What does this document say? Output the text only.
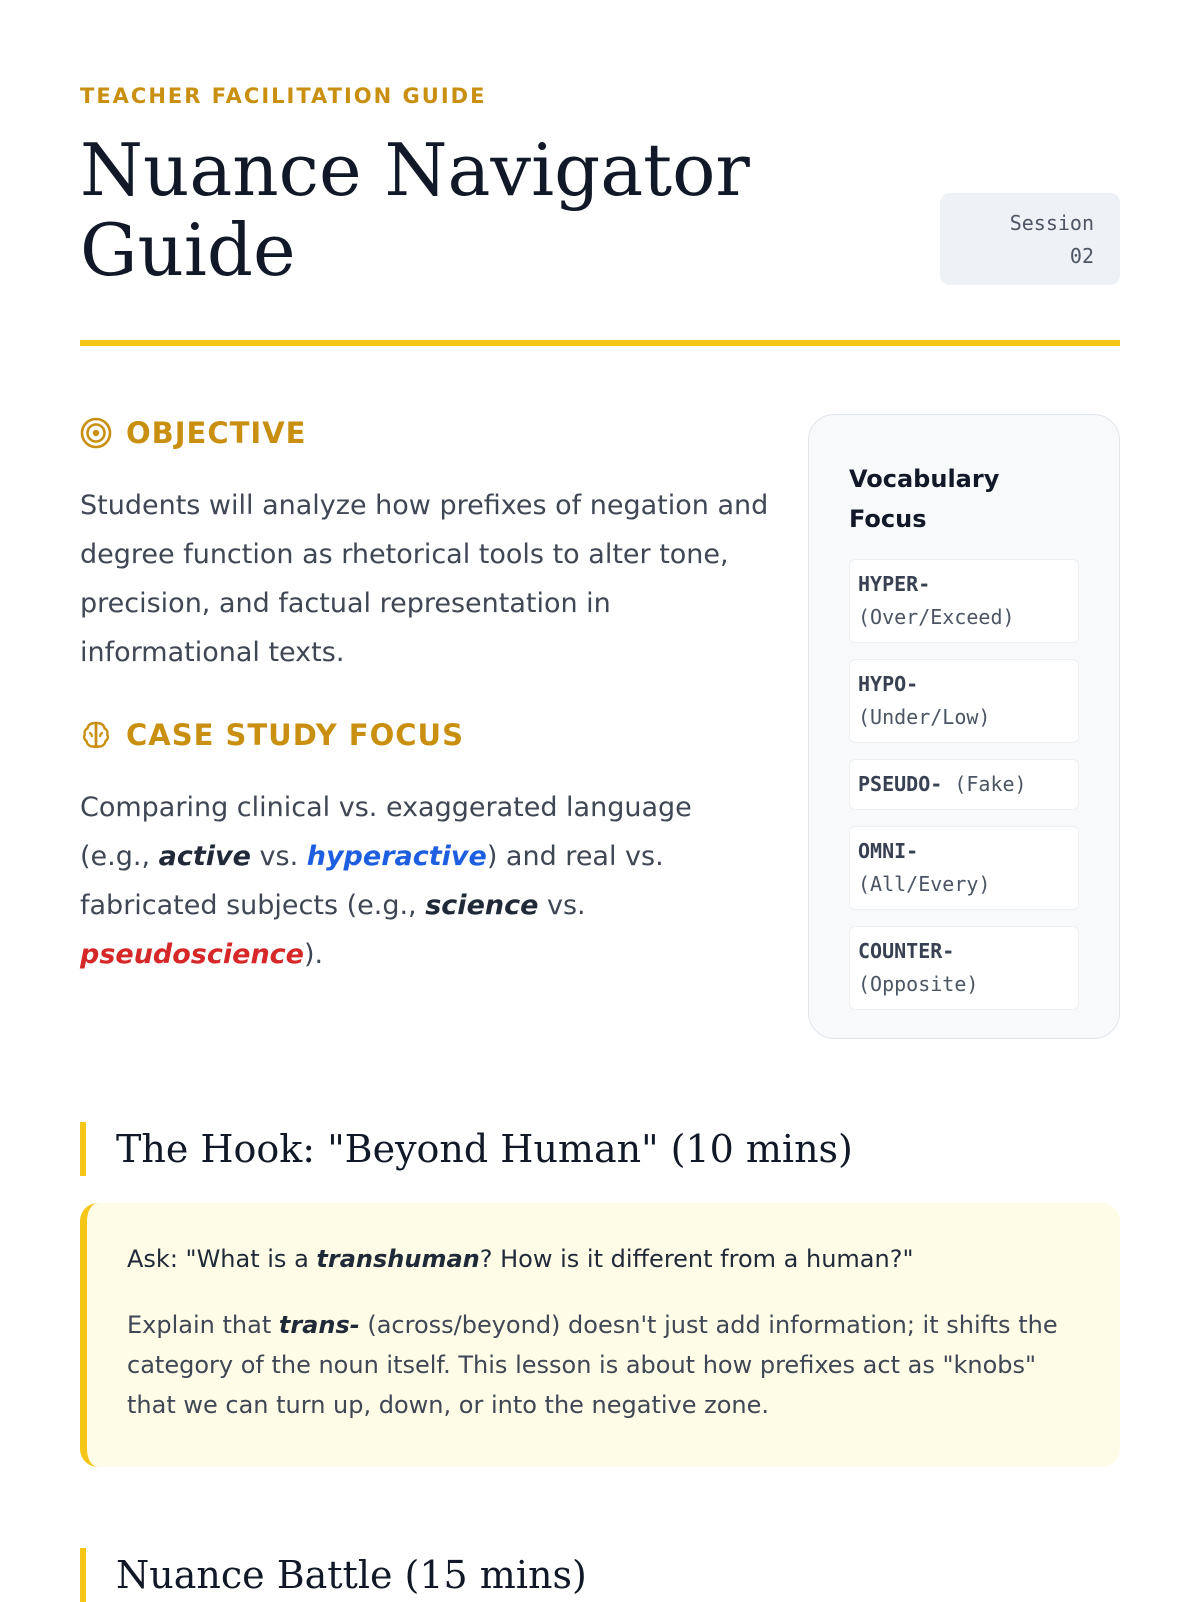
TEACHER FACILITATION GUIDE
Nuance Navigator Guide	Session
02
OBJECTIVE

Students will analyze how prefixes of negation and degree function as rhetorical tools to alter tone, precision, and factual representation in informational texts.

CASE STUDY FOCUS

Comparing clinical vs. exaggerated language (e.g., active vs. hyperactive) and real vs. fabricated subjects (e.g., science vs. pseudoscience).

Vocabulary Focus
HYPER-
(Over/Exceed)
HYPO-
(Under/Low)
PSEUDO- (Fake)
OMNI-
(All/Every)
COUNTER-
(Opposite)
The Hook: "Beyond Human" (10 mins)

Ask: "What is a transhuman? How is it different from a human?"

Explain that trans- (across/beyond) doesn't just add information; it shifts the category of the noun itself. This lesson is about how prefixes act as "knobs" that we can turn up, down, or into the negative zone.

Nuance Battle (15 mins)
